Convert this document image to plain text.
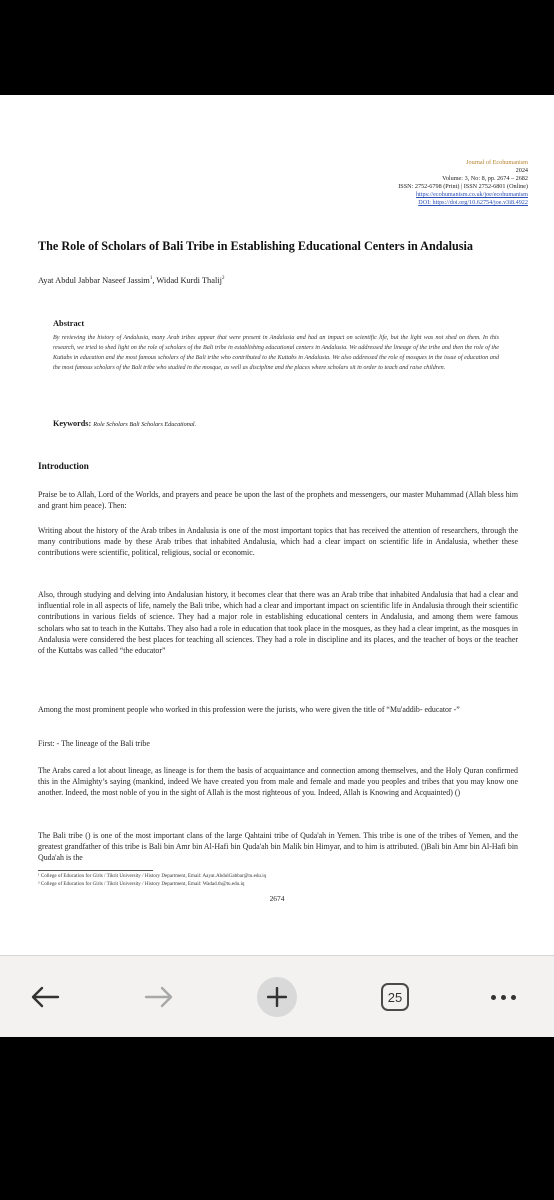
Journal of Ecohumanism
2024
Volume: 3, No: 8, pp. 2674 – 2682
ISSN: 2752-6798 (Print) | ISSN 2752-6801 (Online)
https://ecohumanism.co.uk/joe/ecohumanism
DOI: https://doi.org/10.62754/joe.v3i8.4922
The Role of Scholars of Bali Tribe in Establishing Educational Centers in Andalusia
Ayat Abdul Jabbar Naseef Jassim$^1$, Widad Kurdi Thalij$^2$
Abstract
By reviewing the history of Andalusia, many Arab tribes appear that were present in Andalusia and had an impact on scientific life, but the light was not shed on them. In this research, we tried to shed light on the role of scholars of the Bali tribe in establishing educational centers in Andalusia. We addressed the lineage of the tribe and then the role of the Kuttabs in education and the most famous scholars of the Bali tribe who contributed to the Kuttabs in Andalusia. We also addressed the role of mosques in the issue of education and the most famous scholars of the Bali tribe who studied in the mosque, as well as discipline and the places where scholars sit in order to teach and raise children.
Keywords: Role Scholars Bali Scholars Educational.
Introduction
Praise be to Allah, Lord of the Worlds, and prayers and peace be upon the last of the prophets and messengers, our master Muhammad (Allah bless him and grant him peace). Then:
Writing about the history of the Arab tribes in Andalusia is one of the most important topics that has received the attention of researchers, through the many contributions made by these Arab tribes that inhabited Andalusia, which had a clear impact on scientific life in Andalusia, whether these contributions were scientific, political, religious, social or economic.
Also, through studying and delving into Andalusian history, it becomes clear that there was an Arab tribe that inhabited Andalusia that had a clear and influential role in all aspects of life, namely the Bali tribe, which had a clear and important impact on scientific life in Andalusia through their scientific contributions in various fields of science. They had a major role in establishing educational centers in Andalusia, and among them were famous scholars who sat to teach in the Kuttabs. They also had a role in education that took place in the mosques, as they had a clear imprint, as the mosques in Andalusia were considered the best places for teaching all sciences. They had a role in discipline and its places, and the teacher of boys or the teacher of the Kuttabs was called “the educator”
Among the most prominent people who worked in this profession were the jurists, who were given the title of “Mu'addib- educator -”
First: - The lineage of the Bali tribe
The Arabs cared a lot about lineage, as lineage is for them the basis of acquaintance and connection among themselves, and the Holy Quran confirmed this in the Almighty’s saying (mankind, indeed We have created you from male and female and made you peoples and tribes that you may know one another. Indeed, the most noble of you in the sight of Allah is the most righteous of you. Indeed, Allah is Knowing and Acquainted) ()
The Bali tribe () is one of the most important clans of the large Qahtaini tribe of Quda'ah in Yemen. This tribe is one of the tribes of Yemen, and the greatest grandfather of this tribe is Bali bin Amr bin Al-Hafi bin Quda'ah bin Malik bin Himyar, and to him is attributed. ()Bali bin Amr bin Al-Hafi bin Quda'ah is the
¹ College of Education for Girls / Tikrit University / History Department, Email: Aayat.AbdulGabbar@tu.edu.iq
² College of Education for Girls / Tikrit University / History Department, Email: Wadad.th@tu.edu.iq
2674
25
